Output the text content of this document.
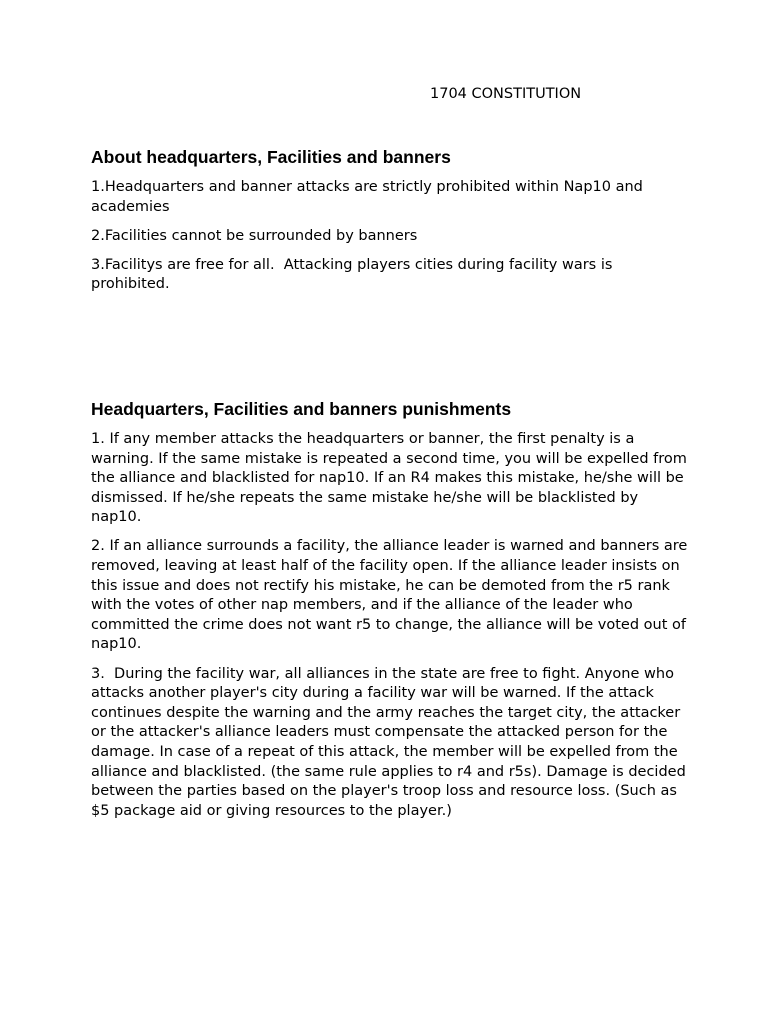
1704 CONSTITUTION
About headquarters, Facilities and banners

1.Headquarters and banner attacks are strictly prohibited within Nap10 and academies

2.Facilities cannot be surrounded by banners

3.Facilitys are free for all.  Attacking players cities during facility wars is prohibited.

Headquarters, Facilities and banners punishments

1. If any member attacks the headquarters or banner, the first penalty is a warning. If the same mistake is repeated a second time, you will be expelled from the alliance and blacklisted for nap10. If an R4 makes this mistake, he/she will be dismissed. If he/she repeats the same mistake he/she will be blacklisted by nap10.

2. If an alliance surrounds a facility, the alliance leader is warned and banners are removed, leaving at least half of the facility open. If the alliance leader insists on this issue and does not rectify his mistake, he can be demoted from the r5 rank with the votes of other nap members, and if the alliance of the leader who committed the crime does not want r5 to change, the alliance will be voted out of nap10.

3.  During the facility war, all alliances in the state are free to fight. Anyone who attacks another player's city during a facility war will be warned. If the attack continues despite the warning and the army reaches the target city, the attacker or the attacker's alliance leaders must compensate the attacked person for the damage. In case of a repeat of this attack, the member will be expelled from the alliance and blacklisted. (the same rule applies to r4 and r5s). Damage is decided between the parties based on the player's troop loss and resource loss. (Such as $5 package aid or giving resources to the player.)
